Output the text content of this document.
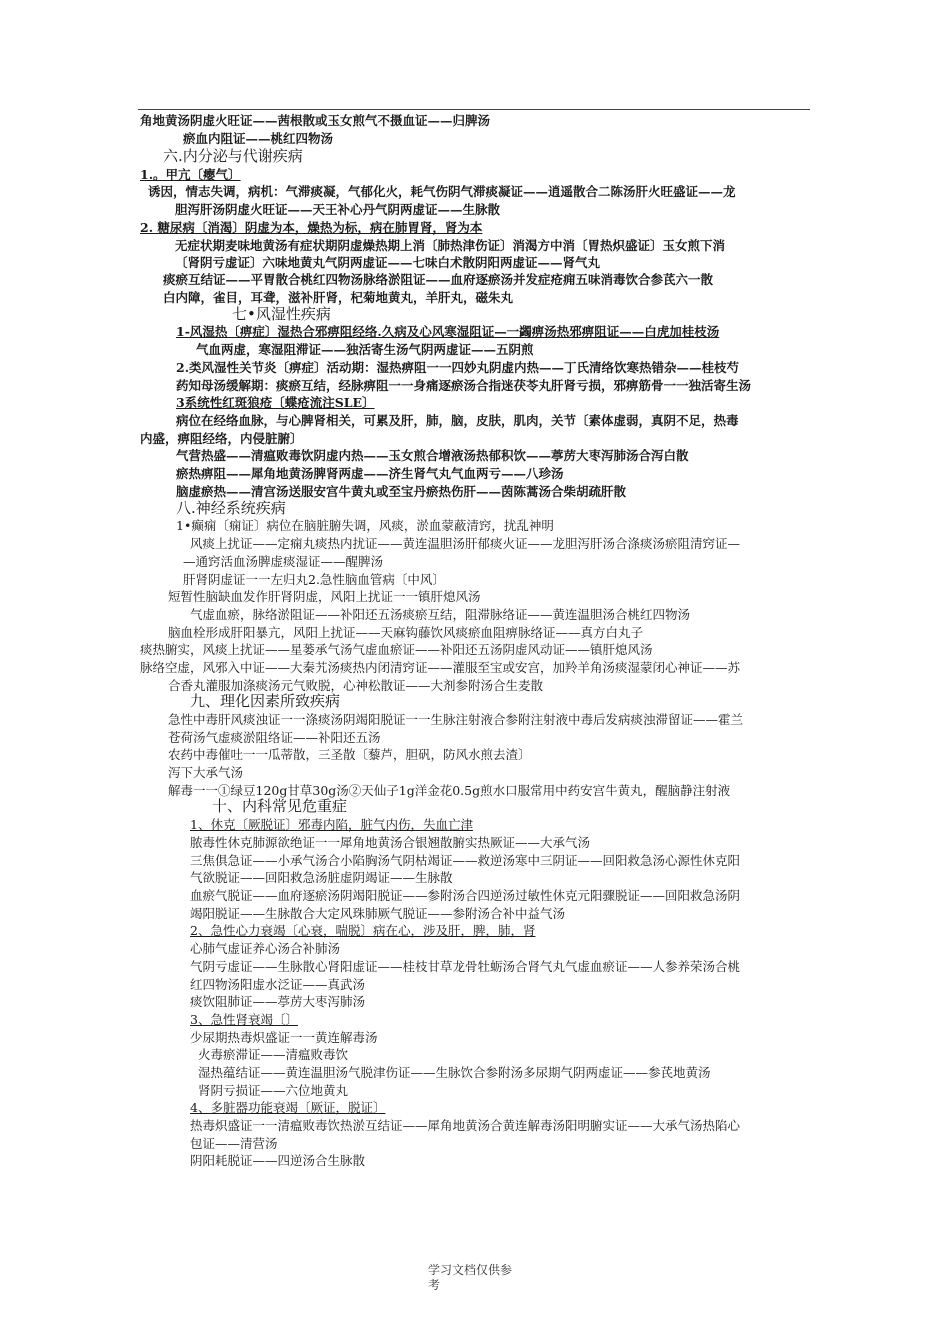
角地黄汤阴虚火旺证——茜根散或玉女煎气不摄血证——归脾汤
瘀血内阻证——桃红四物汤
六.内分泌与代谢疾病
1.。甲亢〔瘿气〕
诱因，情志失调，病机：气滞痰凝，气郁化火，耗气伤阴气滞痰凝证——逍遥散合二陈汤肝火旺盛证——龙
胆泻肝汤阴虚火旺证——天王补心丹气阴两虚证——生脉散
2. 糖尿病〔消渴〕阴虚为本，燥热为标，病在肺胃肾，肾为本
无症状期麦味地黄汤有症状期阴虚燥热期上消〔肺热津伤证〕消渴方中消〔胃热炽盛证〕玉女煎下消
〔肾阴亏虚证〕六味地黄丸气阴两虚证——七味白术散阴阳两虚证——肾气丸
痰瘀互结证——平胃散合桃红四物汤脉络淤阻证——血府逐瘀汤并发症疮痈五味消毒饮合参芪六一散
白内障，雀目，耳聋，滋补肝肾，杞菊地黄丸，羊肝丸，磁朱丸
七•风湿性疾病
1-风湿热〔痹症〕湿热合邪痹阻经络.久病及心风寒湿阻证—一蠲痹汤热邪痹阻证——白虎加桂枝汤
气血两虚，寒湿阻滞证——独活寄生汤气阴两虚证——五阴煎
2.类风湿性关节炎〔痹症〕活动期：湿热痹阻一一四妙丸阴虚内热——丁氏清络饮寒热错杂——桂枝芍
药知母汤缓解期：痰瘀互结，经脉痹阻一一身痛逐瘀汤合指迷茯苓丸肝肾亏损，邪痹筋骨一一独活寄生汤
3系统性红斑狼疮〔蝶疮流注SLE〕
病位在经络血脉，与心脾肾相关，可累及肝，肺，脑，皮肤，肌肉，关节〔素体虚弱，真阴不足，热毒
内盛，痹阻经络，内侵脏腑〕
气营热盛——清瘟败毒饮阴虚内热——玉女煎合增液汤热郁积饮——葶苈大枣泻肺汤合泻白散
瘀热痹阻——犀角地黄汤脾肾两虚——济生肾气丸气血两亏——八珍汤
脑虚瘀热——清宫汤送服安宫牛黄丸或至宝丹瘀热伤肝——茵陈蒿汤合柴胡疏肝散
八.神经系统疾病
1•癫痫〔痫证〕病位在脑脏腑失调，风痰，淤血蒙蔽清窍，扰乱神明
风痰上扰证——定痫丸痰热内扰证——黄连温胆汤肝郁痰火证——龙胆泻肝汤合涤痰汤瘀阻清窍证—
—通窍活血汤脾虚痰湿证——醒脾汤
肝肾阴虚证一一左归丸2.急性脑血管病〔中风〕
短暂性脑缺血发作肝肾阴虚，风阳上扰证一一镇肝熄风汤
气虚血瘀，脉络淤阻证——补阳还五汤痰瘀互结，阻滞脉络证——黄连温胆汤合桃红四物汤
脑血栓形成肝阳暴亢，风阳上扰证——天麻钩藤饮风痰瘀血阻痹脉络证——真方白丸子
痰热腑实，风痰上扰证——星蒌承气汤气虚血瘀证——补阳还五汤阴虚风动证——镇肝熄风汤
脉络空虚，风邪入中证——大秦艽汤痰热内闭清窍证——灌服至宝或安宫，加羚羊角汤痰湿蒙闭心神证——苏
合香丸灌服加涤痰汤元气败脱，心神松散证——大剂参附汤合生麦散
九、理化因素所致疾病
急性中毒肝风痰浊证一一涤痰汤阴竭阳脱证一一生脉注射液合参附注射液中毒后发病痰浊滞留证——霍兰
苍荷汤气虚痰淤阻络证——补阳还五汤
农药中毒催吐一一瓜蒂散，三圣散〔藜芦，胆矾，防风水煎去渣〕
泻下大承气汤
解毒一一①绿豆120g甘草30g汤②天仙子1g洋金花0.5g煎水口服常用中药安宫牛黄丸，醒脑静注射液
十、内科常见危重症
1、休克〔厥脱证〕邪毒内陷，脏气内伤，失血亡津
脓毒性休克肺源欲绝证一一犀角地黄汤合银翘散腑实热厥证——大承气汤
三焦俱急证——小承气汤合小陷胸汤气阴枯竭证——救逆汤寒中三阴证——回阳救急汤心源性休克阳
气欲脱证——回阳救急汤脏虚阴竭证——生脉散
血瘀气脱证——血府逐瘀汤阴竭阳脱证——参附汤合四逆汤过敏性休克元阳骤脱证——回阳救急汤阴
竭阳脱证——生脉散合大定风珠肺厥气脱证——参附汤合补中益气汤
2、急性心力衰竭〔心衰，喘脱〕病在心，涉及肝，脾，肺，肾
心肺气虚证养心汤合补肺汤
气阴亏虚证——生脉散心肾阳虚证——桂枝甘草龙骨牡蛎汤合肾气丸气虚血瘀证——人参养荣汤合桃
红四物汤阳虚水泛证——真武汤
痰饮阻肺证——葶苈大枣泻肺汤
3、急性肾衰竭〔〕
少尿期热毒炽盛证一一黄连解毒汤
火毒瘀滞证——清瘟败毒饮
湿热蕴结证——黄连温胆汤气脱津伤证——生脉饮合参附汤多尿期气阴两虚证——参芪地黄汤
肾阴亏损证——六位地黄丸
4、多脏器功能衰竭〔厥证，脱证〕
热毒炽盛证一一清瘟败毒饮热淤互结证——犀角地黄汤合黄连解毒汤阳明腑实证——大承气汤热陷心
包证——清营汤
阴阳耗脱证——四逆汤合生脉散
学习文档仅供参
考
